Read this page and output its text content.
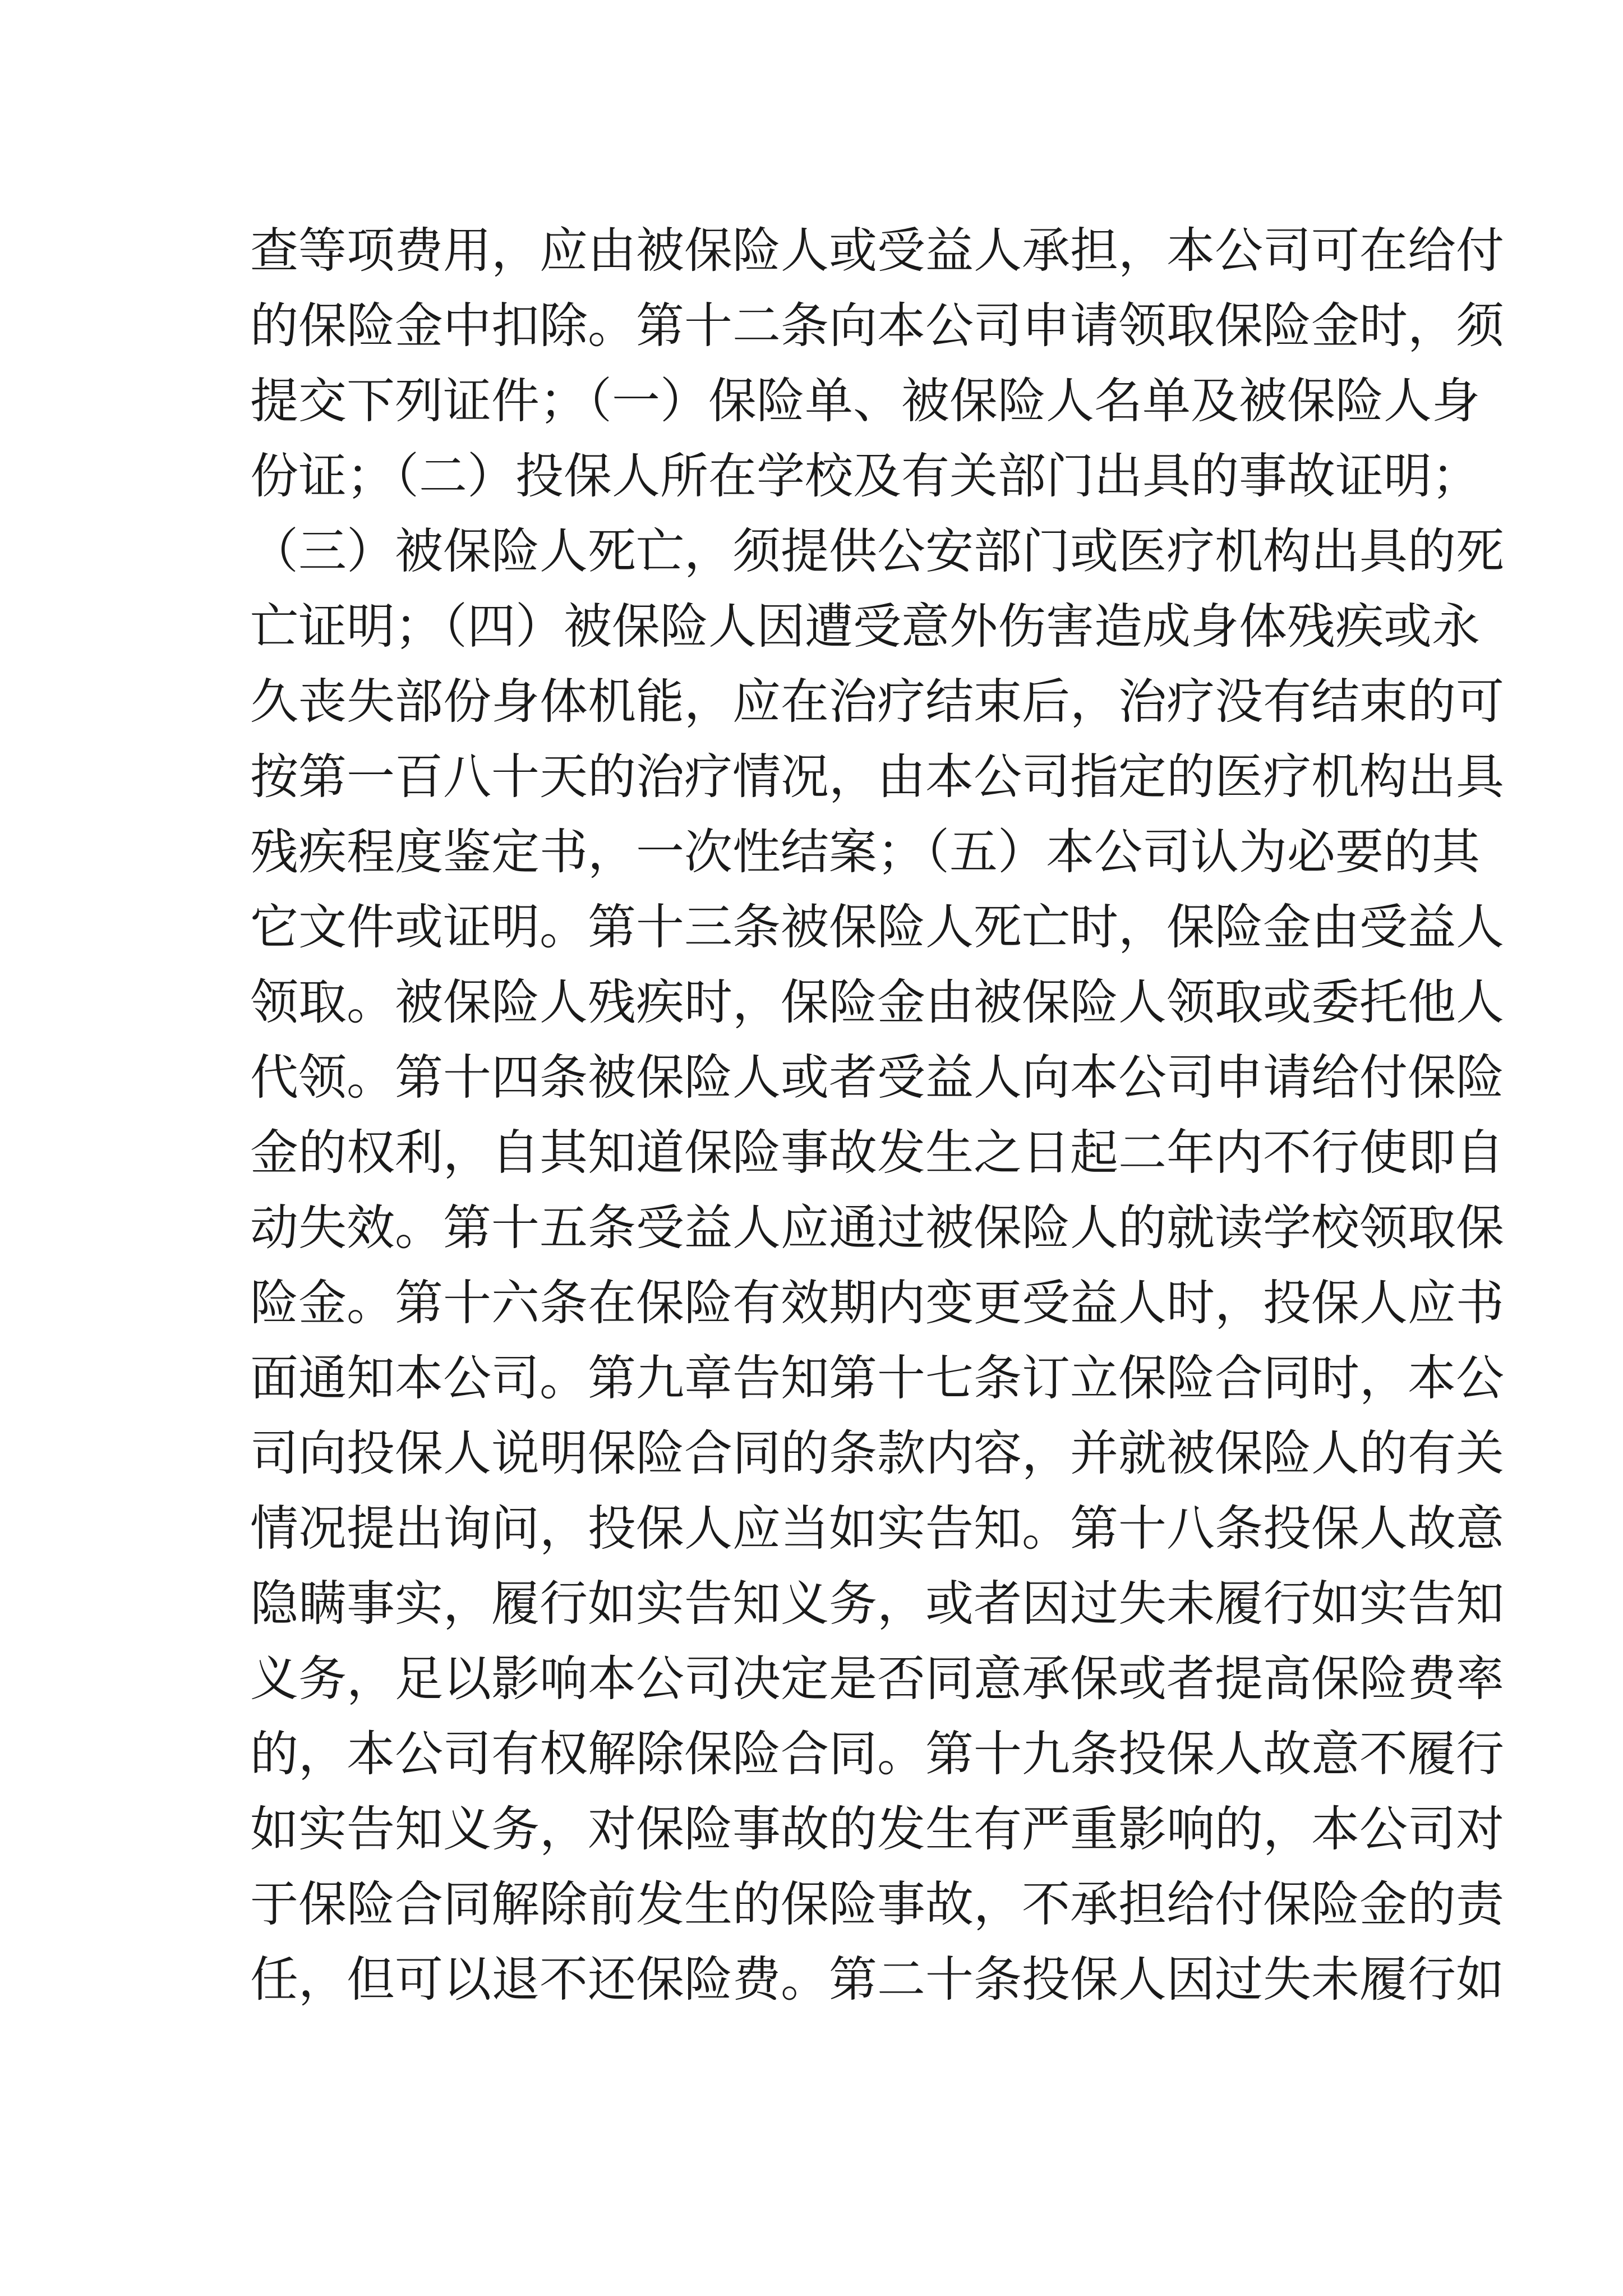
查等项费用，应由被保险人或受益人承担，本公司可在给付
的保险金中扣除。第十二条向本公司申请领取保险金时，须
提交下列证件；（一）保险单、被保险人名单及被保险人身
份证；（二）投保人所在学校及有关部门出具的事故证明；
（三）被保险人死亡，须提供公安部门或医疗机构出具的死
亡证明；（四）被保险人因遭受意外伤害造成身体残疾或永
久丧失部份身体机能，应在治疗结束后，治疗没有结束的可
按第一百八十天的治疗情况，由本公司指定的医疗机构出具
残疾程度鉴定书，一次性结案；（五）本公司认为必要的其
它文件或证明。第十三条被保险人死亡时，保险金由受益人
领取。被保险人残疾时，保险金由被保险人领取或委托他人
代领。第十四条被保险人或者受益人向本公司申请给付保险
金的权利，自其知道保险事故发生之日起二年内不行使即自
动失效。第十五条受益人应通过被保险人的就读学校领取保
险金。第十六条在保险有效期内变更受益人时，投保人应书
面通知本公司。第九章告知第十七条订立保险合同时，本公
司向投保人说明保险合同的条款内容，并就被保险人的有关
情况提出询问，投保人应当如实告知。第十八条投保人故意
隐瞒事实，履行如实告知义务，或者因过失未履行如实告知
义务，足以影响本公司决定是否同意承保或者提高保险费率
的，本公司有权解除保险合同。第十九条投保人故意不履行
如实告知义务，对保险事故的发生有严重影响的，本公司对
于保险合同解除前发生的保险事故，不承担给付保险金的责
任，但可以退不还保险费。第二十条投保人因过失未履行如
